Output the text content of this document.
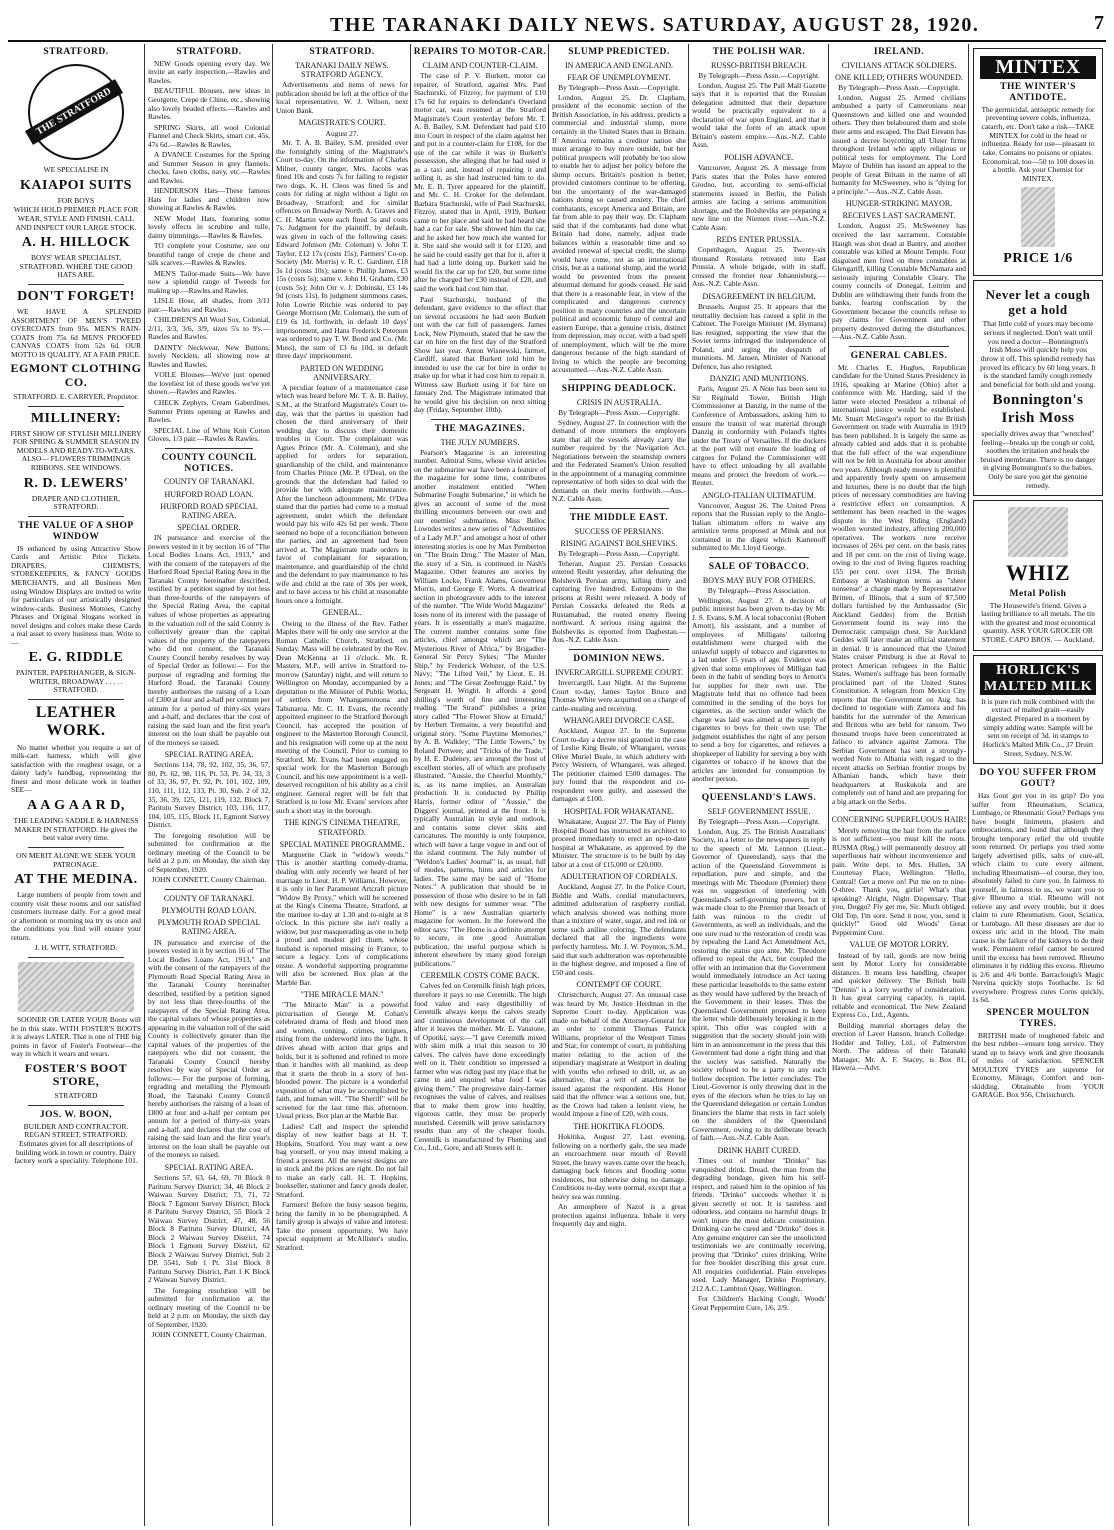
THE TARANAKI DAILY NEWS. SATURDAY, AUGUST 28, 1920.	7
STRATFORD.
THE STRATFORD KASH
WE SPECIALISE IN
KAIAPOI SUITS
FOR BOYS
WHICH HOLD PREMIER PLACE FOR WEAR, STYLE AND FINISH. CALL AND INSPECT OUR LARGE STOCK.
A. H. HILLOCK
BOYS' WEAR SPECIALIST, STRATFORD. WHERE THE GOOD HATS ARE.
DON'T FORGET!

WE HAVE A SPLENDID ASSORTMENT OF MEN'S TWEED OVERCOATS from 95s. MEN'S RAIN-COATS from 75s 6d MEN'S PROOFED CANVAS COATS from 52s 6d. OUR MOTTO IS QUALITY, AT A FAIR PRICE.

EGMONT CLOTHING CO.
STRATFORD. E. CARRYER, Proprietor.
MILLINERY:
FIRST SHOW OF STYLISH MILLINERY FOR SPRING & SUMMER SEASON IN MODELS AND READY-TO-WEARS. ALSO— FLOWERS TRIMMINGS RIBBONS. SEE WINDOWS.
R. D. LEWERS'
DRAPER AND CLOTHIER, STRATFORD.
THE VALUE OF A SHOP WINDOW

IS enhanced by using Attractive Show Cards and Artistic Price Tickets. DRAPERS, CHEMISTS, STOREKEEPERS, & FANCY GOODS MERCHANTS, and all Business Men using Window Displays are invited to write for particulars of our artistically designed window-cards. Business Mottoes, Catchy Phrases and Original Slogans worked in novel designs and colors make these Cards a real asset to every business man. Write to—

E. G. RIDDLE
PAINTER, PAPERHANGER, & SIGN-WRITER, BROADWAY . . . . . STRATFORD.
LEATHER WORK.

No matter whether you require a set of milk-cart harness, which will give satisfaction with the roughest usage, or a dainty lady's handbag, representing the finest and most delicate work in leather SEE—

A A G A A R D,
THE LEADING SADDLE & HARNESS MAKER IN STRATFORD. He gives the best value every time.
ON MERIT ALONE WE SEEK YOUR PATRONAGE.
AT THE MEDINA.

Large numbers of people from town and country visit these rooms and our satisfied customers increase daily. For a good meal or afternoon or morning tea try us once and the conditions you find will ensure your return.

J. H. WITT, STRATFORD.

SOONER OR LATER YOUR Boots will be in this state. WITH FOSTER'S BOOTS it is always LATER. That is one of THE big points in favor of Foster's Footwear—the way in which it wears and wears.

FOSTER'S BOOT STORE,
STRATFORD
JOS. W. BOON,
BUILDER AND CONTRACTOR. REGAN STREET, STRATFORD. Estimates given for all descriptions of building work in town or country. Dairy factory work a speciality. Telephone 101.
STRATFORD.

NEW Goods opening every day. We invite an early inspection.—Rawles and Rawles.

BEAUTIFUL Blouses, new ideas in Georgette, Crepe de Chine, etc., showing also lovely beaded effects.—Rawles and Rawles.

SPRING Skirts, all wool Colonial Flannel and Check Skirts, smart cut, 45s, 47s 6d.—Rawles & Rawles.

A DVANCE Costumes for the Spring and Summer Season in grey flannels, checks, fawn cloths, navy, etc.—Rawles and Rawles.

HENDERSON Hats—These famous Hats for ladies and children now showing at Rawles & Rawles.

NEW Model Hats, featuring some lovely effects in scrubine and tulle, dainty trimmings.—Rawles & Rawles.

TO complete your Costume, see our beautiful range of crepe de chene and silk scarves.—Rawles & Rawles.

MEN'S Tailor-made Suits—We have now a splendid range of Tweeds for making up.—Rawles and Rawles.

LISLE Hose, all shades, from 3/11 pair.—Rawles and Rawles.

CHILDREN'S All Wool Sox, Colonial, 2/11, 3/3, 3/6, 3/9, sizes 5's to 9's.—Rawles and Rawles.

DAINTY Neckwear, New Buttons, lovely Necklets, all showing now at Rawles and Rawles.

VOILE Blouses—We've just opened the loveliest lot of these goods we've yet shown.—Rawles and Rawles.

CHECK Zephyrs, Cream Gaberdines, Summer Prints opening at Rawles and Rawles.

SPECIAL Line of White Knit Cotton Gloves, 1/3 pair.—Rawles & Rawles.

COUNTY COUNCIL NOTICES.
COUNTY OF TARANAKI.
HURFORD ROAD LOAN.
HURFORD ROAD SPECIAL RATING AREA.
SPECIAL ORDER.

IN pursuance and exercise of the powers vested in it by section 16 of "The Local Bodies Loans Act, 1913," and with the consent of the ratepayers of the Hurford Road Special Rating Area in the Taranaki County hereinafter described, testified by a petition signed by not less than three-fourths of the ratepayers of the Special Rating Area, the capital values of whose properties as appearing in the valuation roll of the said County is collectively greater than the capital values of the property of the ratepayers who did not consent, the Taranaki County Council hereby resolves by way of Special Order as follows:— For the purpose of regrading and forming the Hurford Road, the Taranaki County hereby authorises the raising of a Loan of £300 at four and a-half per centum per annum for a period of thirty-six years and a-half, and declares that the cost of raising the said loan and the first year's interest on the loan shall be payable out of the moneys so raised.

SPECIAL RATING AREA.

Sections 114, 78, 92, 102, 35, 36, 57, 80, Pt. 62, 98, 116, Pt. 53, Pt. 34, 33, 3 of 33, 36, 97, Pt. 92, Pt. 101, 102, 109, 110, 111, 112, 133, Pt. 30, Sub. 2 of 32, 35, 36, 39, 125, 121, 119, 132, Block 7, Paritutu Survey District; 103, 116, 117, 104, 105, 115, Block 11, Egmont Survey District.

The foregoing resolution will be submitted for confirmation at the ordinary meeting of the Council to be held at 2 p.m. on Monday, the sixth day of September, 1920.

JOHN CONNETT, County Chairman.
COUNTY OF TARANAKI.
PLYMOUTH ROAD LOAN.
PLYMOUTH ROAD SPECIAL RATING AREA.

IN pursuance and exercise of the powers vested in it by section 16 of "The Local Bodies Loans Act, 1913," and with the consent of the ratepayers of the Plymouth Road Special Rating Area in the Taranaki County hereinafter described, testified by a petition signed by not less than three-fourths of the ratepayers of the Special Rating Area, the capital values of whose properties as appearing in the valuation roll of the said County is collectively greater than the capital values of the properties of the ratepayers who did not consent, the Taranaki County Council hereby resolves by way of Special Order as follows:— For the purpose of forming, regrading and metalling the Plymouth Road, the Taranaki County Council hereby authorises the raising of a loan of £800 at four and a-half per centum per annum for a period of thirty-six years and a-half, and declares that the cost of raising the said loan and the first year's interest on the loan shall be payable out of the moneys so raised.

SPECIAL RATING AREA.

Sections 57, 63, 64, 69, 70 Block 8 Paritutu Survey District; 34, 46 Block 2 Waiwau Survey District; 73, 71, 72 Block 7 Egmont Survey District; Block 8 Paritutu Survey District, 55 Block 2 Waiwau Survey District; 47, 48, 56 Block 8 Paritutu Survey District, 4A Block 2 Waiwau Survey District, 74 Block 1 Egmont Survey District, 62 Block 2 Waiwau Survey District, Sub 2 DP. 5541, Sub 1 Pt. 31st Block 8 Paritutu Survey District, Part 1 K Block 2 Waiwau Survey District.

The foregoing resolution will be submitted for confirmation at the ordinary meeting of the Council to be held at 2 p.m. on Monday, the sixth day of September, 1920.

JOHN CONNETT, County Chairman.
STRATFORD.
TARANAKI DAILY NEWS. STRATFORD AGENCY.

Advertisements and items of news for publication should be left at the office of the local representative, W. J. Wilson, next Union Bank.

MAGISTRATE'S COURT.
August 27.

Mr. T. A. B. Bailey, S.M. presided over the fortnightly sitting of the Magistrate's Court to-day. On the information of Charles Milner, county ranger, Mrs. Jacobs was fined 10s and costs 7s for failing to register two dogs. K. H. Cleos was fined 5s and costs for riding at night without a light on Broadway, Stratford; and for similar offences on Broadway North. A. Graves and C. H. Martin were each fined 5s and costs 7s. Judgment for the plaintiff, by default, was given in each of the following cases: Edward Johnson (Mr. Coleman) v. John T. Taylor, £12 17s (costs 15s); Farmers' Co-op. Society (Mr. Morris) v. R. C. Gardiner, £18 3s 1d (costs 10s); same v. Phillip James, £3 15s (costs 5s); same v. John H. Graham, £30 (costs 5s); John Orr v. J. Dobinski, £3 14s 9d (costs 11s). In judgment summons cases, John Lowrie Ritchie was ordered to pay George Morrison (Mr. Coleman), the sum of £19 6s 1d, forthwith, in default 10 days' imprisonment, and Hans Frederick Peterson was ordered to pay T. W. Bond and Co. (Mr. Moss), the sum of £3 6s 10d, in default three days' imprisonment.

PARTED ON WEDDING ANNIVERSARY.

A peculiar feature of a maintenance case which was heard before Mr. T. A. B. Bailey, S.M., at the Stratford Magistrate's Court to-day, was that the parties in question had chosen the third anniversary of their wedding day to discuss their domestic troubles in Court. The complainant was Agnes Prince (Mr. A. Coleman), and she applied for orders for separation, guardianship of the child, and maintenance from Charles Prince (Mr. P. O'Dea), on the grounds that the defendant had failed to provide her with adequate maintenance. After the luncheon adjournment, Mr. O'Dea stated that the parties had come to a mutual agreement, under which the defendant would pay his wife 42s 6d per week. There seemed no hope of a reconciliation between the parties, and an agreement had been arrived at. The Magistrate made orders in favor of complainant for separation, maintenance, and guardianship of the child and the defendant to pay maintenance to his wife and child at the rate of 30s per week, and to have access to his child at reasonable hours once a fortnight.

GENERAL.

Owing to the illness of the Rev. Father Maples there will be only one service at the Roman Catholic Church, Stratford, on Sunday. Mass will be celebrated by the Rev. Dean McKenna at 11 o'clock. Mr. R. Masters, M.P., will arrive in Stratford to-morrow (Saturday) night, and will return to Wellington on Monday, accompanied by a deputation to the Minister of Public Works, of settlers from Whangamomona and Tahunaroa. Mr. C. H. Evans, the recently appointed engineer to the Stratford Borough Council, has accepted the position of engineer to the Masterton Borough Council, and his resignation will come up at the next meeting of the Council. Prior to coming to Stratford, Mr. Evans had been engaged on special work for the Masterton Borough Council, and his new appointment is a well-deserved recognition of his ability as a civil engineer. General regret will be felt that Stratford is to lose Mr. Evans' services after such a short stay in the borough.

THE KING'S CINEMA THEATRE, STRATFORD.
SPECIAL MATINEE PROGRAMME.

Marguerite Clark in "widow's weeds." This is another startling comedy-drama, dealing with only recently we heard of her marriage to Lieut. H. P. Williams. However, it is only in her Paramount Artcraft picture "Widow By Proxy," which will be screened at the King's Cinema Theatre, Stratford, at the matinee to-day at 1.30 and to-night at 8 o'clock. In this picture she isn't really a widow, but just masquerading as one to help a proud and modest girl chum, whose husband is reported missing in France, to secure a legacy. Lots of complications ensue. A wonderful supporting programme will also be screened. Box plan at the Marble Bar.

"THE MIRACLE MAN."

"The Miracle Man" is a powerful picturisation of George M. Cohan's celebrated drama of flesh and blood men and women, cunning, crimes, intrigues, rising from the underworld into the light. It drives ahead with action that grips and holds, but it is softened and refined to more than it handles with all mankind, as deep that it starts the throb in a story of hot-blooded power. The picture is a wonderful exposition of what may be accomplished by faith, and human will. "The Sheriff" will be screened for the last time this afternoon. Usual prices. Box plan at the Marble Bar.

Ladies! Call and inspect the splendid display of new leather bags at H. T. Hopkins, Stratford. You may want a new bag yourself, or you may intend making a friend a present. All the newest designs are in stock and the prices are right. Do not fail to make an early call. H. T. Hopkins, bookseller, stationer and fancy goods dealer, Stratford.

Farmers! Before the busy season begins, bring the family in to be photographed. A family group is always of value and interest. Take the present opportunity. We have special equipment at McAllister's studio, Stratford.

REPAIRS TO MOTOR-CAR.
CLAIM AND COUNTER-CLAIM.

The case of P. V. Burkett, motor car repairer, of Stratford, against Mrs. Paul Stachurski, of Fitzroy, for payment of £10 17s 6d for repairs to defendant's Overland motor car, was resumed at the Stratford Magistrate's Court yesterday before Mr. T. A. B. Bailey, S.M. Defendant had paid £10 into Court in respect of the claim against her and put in a counter-claim for £108, for the use of the car while it was in Burkett's possession, she alleging that he had used it as a taxi and, instead of repairing it and selling it, as she had instructed him to do. Mr. E. B. Tyrer appeared for the plaintiff, and Mr. C. H. Croker for the defendant. Barbara Stachurski, wife of Paul Stachurski, Fitzroy, stated that in April, 1919, Burkett came to her place and said he had heard she had a car for sale. She showed him the car, and he asked her how much she wanted for it. She said she would sell it for £120, and he said he could easily get that for it, after it had had a little doing up. Burkett said he would fix the car up for £20, but some time after he charged her £30 instead of £20, and said the work had cost him that.

Paul Stachurski, husband of the defendant, gave evidence to the effect that on several occasions he had seen Burkett out with the car full of passengers. James Lock, New Plymouth, stated that he saw the car on hire on the first day of the Stratford Show last year. Anton Wisnewski, farmer, Cardiff, stated that Burkett told him he intended to use the car for hire in order to make up for what it had cost him to repair it. Witness saw Burkett using it for hire on January 2nd. The Magistrate intimated that he would give his decision on next sitting day (Friday, September 10th).

THE MAGAZINES.
THE JULY NUMBERS.

Pearson's Magazine is an interesting number. Admiral Sims, whose vivid articles on the submarine war have been a feature of the magazine for some time, contributes another instalment entitled "When Submarine Fought Submarine," in which he gives an account of some of the most thrilling encounters between our own and our enemies' submarines. Miss Belloc Lowndes writes a new series of "Adventures of a Lady M.P." and amongst a host of other interesting stories is one by Max Pemberton on "The Brain Drug." The Master of Man, the story of a Sin, is continued in Nash's Magazine. Other features are stories by William Locke, Frank Adams, Gouverneur Morris, and George F. Worts. A theatrical section in photogravure adds to the interest of the number. "The Wide World Magazine" loses none of its interest with the passage of years. It is essentially a man's magazine. The current number contains some fine articles, chief amongst which are "The Mysterious River of Africa," by Brigadier-General Sir Percy Sykes; "The Murder Ship," by Frederick Webster, of the U.S. Navy; "The Lifted Veil," by Lieut. E. H. Jones; and "The Great Zeebrugge Raid," by Sergeant H. Wright. It affords a good shilling's worth of fine and interesting reading. "The Strand" publishes a prize story called "The Flower Show at Ernald," by Herbert Tremaine, a very beautiful and original story. "Some Playtime Memories," by A. B. Walkley; "The Little Towers," by Roland Pertwee; and "Tricks of the Trade," by H. E. Dudeney, are amongst the host of excellent stories, all of which are profusely illustrated. "Aussie, the Cheerful Monthly," is, as its name implies, an Australian production. It is conducted by Phillip Harris, former editor of "Aussie," the Diggers' journal, printed at the front. It is typically Australian in style and outlook, and contains some clever skits and caricatures. The monthly is only fourpence, which will have a large vogue in and out of the island continent. The July number of "Weldon's Ladies' Journal" is, as usual, full of modes, patterns, hints and articles for ladies. The same may be said of "Home Notes." A publication that should be in possession of those who desire to be in fall with new designs for summer wear. "The Home" is a new Australian quarterly magazine for women. In the foreword the editor says: "The Home is a definite attempt to secure, in one good Australian publication, the useful purpose which is inherent elsewhere by many good foreign publications."

CEREMILK COSTS COME BACK.

Calves fed on Ceremilk finish high prices, therefore it pays to use Ceremilk. The high food value and easy digestibility of Ceremilk always keeps the calves steady and continuous development of the calf after it leaves the mother. Mr. E. Vanstone, of Opotiki, says:—"I gave Ceremilk mixed with skim milk a trial this season to 30 calves. The calves have done exceedingly well on it. Their condition so impressed a farmer who was riding past my place that he came in and enquired what food I was giving them." The progressive dairy-farmer recognises the value of calves, and realises that to make them grow into healthy, vigorous cattle, they must be properly nourished. Ceremilk will prove satisfactory results than any of the cheaper foods. Ceremilk is manufactured by Fleming and Co., Ltd., Gore, and all Stores sell it.

SLUMP PREDICTED.
IN AMERICA AND ENGLAND.
FEAR OF UNEMPLOYMENT.
By Telegraph—Press Assn.—Copyright.

London, August 25. Dr. Clapham, president of the economic section of the British Association, in his address, predicts a commercial and industrial slump, more certainly in the United States than in Britain. If America remains a creditor nation she must arrange to buy more outside, but her political prospects will probably be too slow to enable her to adjust her policy before the slump occurs. Britain's position is better, provided customers continue to be offering, but the uncertainty of the war-damaged nations doing so caused anxiety. The chief combatants, except America and Britain, are far from able to pay their way. Dr. Clapham said that if the combatants had done what Britain had done, namely, adjust trade balances within a reasonable time and so avoided renewal of special credit, the slump would have come, not as an international crisis, but as a national slump, and the world would be prevented from the present abnormal demand for goods ceased. He said that there is a reasonable fear, in view of the complicated and dangerous currency position in many countries and the uncertain political and economic future of central and eastern Europe, that a genuine crisis, distinct from depression, may occur, with a bad spell of unemployment, which will be the more dangerous because of the high standard of living to which the people are becoming accustomed.—Aus.-N.Z. Cable Assn.

SHIPPING DEADLOCK.
CRISIS IN AUSTRALIA.
By Telegraph—Press Assn.—Copyright.

Sydney, August 27. In connection with the demand of more trimmers the employers state that all the vessels already carry the number required by the Navigation Act. Negotiations between the steamship owners and the Federated Seamen's Union resulted in the appointment of a managing committee representative of both sides to deal with the demands on their merits forthwith.—Aus.-N.Z. Cable Assn.

THE MIDDLE EAST.
SUCCESS OF PERSIANS.
RISING AGAINST BOLSHEVIKS.
By Telegraph—Press Assn.—Copyright.

Teheran, August 25. Persian Cossacks entered Resht yesterday, after defeating the Bolshevik Persian army, killing thirty and capturing five hundred. Europeans in the prisons at Resht were released. A body of Persian Cossacks defeated the Reds at Rustamabad, the routed enemy fleeing northward. A serious rising against the Bolsheviks is reported from Daghestan.—Aus.-N.Z. Cable Assn.

DOMINION NEWS.
INVERCARGILL SUPREME COURT.

Invercargill, Last Night. At the Supreme Court to-day, James Taylor Bruce and Thomas White were acquitted on a charge of cattle-stealing and receiving.

WHANGAREI DIVORCE CASE.

Auckland, August 27. In the Supreme Court to-day a decree nisi granted in the case of Leslie King Beale, of Whangarei, versus Olive Muriel Beale, in which adultery with Percy Western, of Whangarei, was alleged. The petitioner claimed £500 damages. The jury found that the respondent and co-respondent were guilty, and assessed the damages at £100.

HOSPITAL FOR WHAKATANE.

Whakatane, August 27. The Bay of Plenty Hospital Board has instructed its architect to proceed immediately to erect an up-to-date hospital at Whakatane, as approved by the Minister. The structure is to be built by day labor at a cost of £15,000 or £20,000.

ADULTERATION OF CORDIALS.

Auckland, August 27. In the Police Court, Biddle and Walls, cordial manufacturers, admitted adulteration of raspberry cordial, which analysis showed was nothing more than a mixture of water, sugar, and red ink or some such aniline coloring. The defendants declared that all the ingredients were perfectly harmless. Mr. J. W. Poynton, S.M., said that such adulteration was reprehensible in the highest degree, and imposed a fine of £50 and costs.

CONTEMPT OF COURT.

Christchurch, August 27. An unusual case was heard by Mr. Justice Herdman in the Supreme Court to-day. Application was made on behalf of the Attorney-General for an order to commit Thomas Patrick Williams, proprietor of the Westport Times and Star, for contempt of court, in publishing matter relating to the action of the stipendiary magistrate at Westport in dealing with youths who refused to drill, or, as an alternative, that a writ of attachment be issued against the respondent. His Honor said that the offence was a serious one, but, as the Crown had taken a lenient view, he would impose a fine of £20, with costs.

THE HOKITIKA FLOODS.

Hokitika, August 27. Last evening, following on a northerly gale, the sea made an encroachment near mouth of Revell Street, the heavy waves came over the beach, damaging back fences and flooding some residences, but otherwise doing no damage. Conditions to-day were normal, except that a heavy sea was running.

An atmosphere of Nazol is a great protection against influenza. Inhale it very frequently day and night.

THE POLISH WAR.
RUSSO-BRITISH BREACH.
By Telegraph—Press Assn.—Copyright.

London, August 25. The Pall Mall Gazette says that it is reported that the Russian delegation admitted that their departure would be practically equivalent to a declaration of war upon England, and that it would take the form of an attack upon Britain's eastern empire.—Aus.-N.Z. Cable Assn.

POLISH ADVANCE.

Vancouver, August 26. A message from Paris states that the Poles have entered Grodno, but, according to semi-official statements issued in Berlin, the Polish armies are facing a serious ammunition shortage, and the Bolsheviks are preparing a new line on the Niemen river.—Aus.-N.Z. Cable Assn.

REDS ENTER PRUSSIA.

Copenhagen, August 25. Twenty-six thousand Russians retreated into East Prussia. A whole brigade, with its staff, crossed the frontier near Johannisburg.—Aus.-N.Z. Cable Assn.

DISAGREEMENT IN BELGIUM.

Brussels, August 25. It appears that the neutrality decision has caused a split in the Cabinet. The Foreign Minister (M. Hymans) has resigned, supporting the view that the Soviet terms infringed the independence of Poland, and urging the despatch of munitions. M. Jansen, Minister of National Defence, has also resigned.

DANZIG AND MUNITIONS.

Paris, August 25. A Note has been sent to Sir Reginald Tower, British High Commissioner at Danzig, in the name of the Conference of Ambassadors, asking him to ensure the transit of war material through Danzig in conformity with Poland's rights under the Treaty of Versailles. If the dockers at the port will not ensure the loading of cargoes for Poland the Commissioner will have to effect unloading by all available means and protect the freedom of work.—Reuter.

ANGLO-ITALIAN ULTIMATUM.

Vancouver, August 26. The United Press reports that the Russian reply to the Anglo-Italian ultimatum offers to waive any armistice terms proposed at Minsk and not contained in the digest which Kamenoff submitted to Mr. Lloyd George.

SALE OF TOBACCO.
BOYS MAY BUY FOR OTHERS.
By Telegraph—Press Association.

Wellington, August 27. A decision of public interest has been given to-day by Mr. J. S. Evans, S.M. A local tobacconist (Robert Arnott), his assistant, and a number of employees of Milligans' tailoring establishment were charged with the unlawful supply of tobacco and cigarettes to a lad under 15 years of age. Evidence was given that some employees of Milligan had been in the habit of sending boys to Arnott's for supplies for their own use. The Magistrate held that no offence had been committed in the sending of the boys for cigarettes, as the section under which the charge was laid was aimed at the supply of cigarettes to boys for their own use. The judgment establishes the right of any person to send a boy for cigarettes, and relieves a shopkeeper of liability for serving a boy with cigarettes or tobacco if he knows that the articles are intended for consumption by another person.

QUEENSLAND'S LAWS.
SELF GOVERNMENT ISSUE.
By Telegraph—Press Assn.—Copyright.

London, Aug. 25. The British Australians' Society, in a letter to the newspapers in reply to the speech of Mr. Lennon (Lieut.-Governor of Queensland), says that the action of the Queensland Government is repudiation, pure and simple, and the meetings with Mr. Theodore (Premier) there was no suggestion of interfering with Queensland's self-governing powers, but it was made clear to the Premier that breach of faith was ruinous to the credit of Governments, as well as individuals, and the one sure road to the restoration of credit was by repealing the Land Act Amendment Act, restoring the status quo ante. Mr. Theodore offered to repeal the Act, but coupled the offer with an intimation that the Government would immediately introduce an Act taxing these particular leaseholds to the same extent as they would have suffered by the breach of the Government in their leases. Thus the Queensland Government proposed to keep the letter while deliberately breaking it in the spirit. This offer was coupled with a suggestion that the society should join with him in an announcement in the press that this Government had done a right thing and that the society was satisfied. Naturally the society refused to be a party to any such hollow deception. The letter concludes: The Lieut.-Governor is only throwing dust in the eyes of the electors when he tries to lay on the Queensland delegation or certain London financiers the blame that rests in fact solely on the shoulders of the Queensland Government, owing to its deliberate breach of faith.—Aus.-N.Z. Cable Assn.

DRINK HABIT CURED.

Times out of number "Drinko" has vanquished drink. Dread, the man from the degrading bondage, given him his self-respect, and raised him in the opinion of his friends. "Drinko" succeeds whether it is given secretly or not. It is tasteless and odourless, and contains no harmful drugs. It won't injure the most delicate constitution. Drinking can be cured and "Drinko" does it. Any genuine enquirer can see the unsolicited testimonials we are continually receiving, proving that "Drinko" cures drinking. Write for free booklet describing this great cure. All enquiries confidential. Plain envelopes used. Lady Manager, Drinko Proprietary, 212 A.C. Lambton Quay, Wellington.

For Children's Hacking Cough, Woods' Great Peppermint Cure, 1/6, 2/9.

IRELAND.
CIVILIANS ATTACK SOLDIERS.
ONE KILLED; OTHERS WOUNDED.
By Telegraph—Press Assn.—Copyright.

London, August 25. Armed civilians ambushed a party of Cameronians near Queenstown and killed one and wounded others. They then belaboured them and stole their arms and escaped. The Dail Eireann has issued a decree boycotting all Ulster firms throughout Ireland who apply religious or political tests for employment. The Lord Mayor of Dublin has issued an appeal to the people of Great Britain in the name of all humanity for McSweeney, who is "dying for a principle."—Aus.-N.Z. Cable Assn.

HUNGER-STRIKING MAYOR.
RECEIVES LAST SACRAMENT.

London, August 25. McSweeney has received the last sacrament. Constable Haugh was shot dead at Bantry, and another constable was killed at Mount Temple. Four disguised men fired on three constables at Glengariff, killing Constable McNamara and seriously injuring Constable Cleary. The county councils of Donegal, Leitrim and Dublin are withdrawing their funds from the banks, fearing confiscation by the Government because the councils refuse to pay claims for Government and other property destroyed during the disturbances.—Aus.-N.Z. Cable Assn.

GENERAL CABLES.

Mr. Charles E. Hughes, Republican candidate for the United States Presidency in 1916, speaking at Marine (Ohio) after a conference with Mr. Harding, said if the latter were elected President a tribunal of international justice would be established. Mr. Stuart McGregor's report to the British Government on trade with Australia in 1919 has been published. It is largely the same as already cabled and adds that it is probable that the full effect of the war expenditure will not be felt in Australia for about another two years. Although ready money is plentiful and apparently freely spent on amusement and luxuries, there is no doubt that the high prices of necessary commodities are having a restrictive effect on consumption. A settlement has been reached in the wages dispute in the West Riding (England) woollen worsted industry, affecting 200,000 operatives. The workers now receive increases of 26¼ per cent. on the basis rates and 18 per cent. on the cost of living wage, owing to the cost of living figures reaching 155 per cent. over 1194. The British Embassy at Washington terms as "sheer nonsense" a charge made by Representative Britten, of Illinois, that a sum of $7,500 dollars furnished by the Ambassador (Sir Auckland Geddes) from the British Government found its way into the Democratic campaign chest. Sir Auckland Geddes will later make an official statement in denial. It is announced that the United States cruiser Pittsburg is due at Reval to protect American refugees in the Baltic States. Women's suffrage has been formally proclaimed part of the United States Constitution. A telegram from Mexico City reports that the Government on Aug. has declined to negotiate with Zamora and his bandits for the surrender of the American and Britons who are held for ransom. Two thousand troops have been concentrated at Jalisco to advance against Zamora. The Serbian Government has sent a strongly-worded Note to Albania with regard to the recent attacks on Serbian frontier troops by Albanian bands, which have their headquarters at Ruskukola and are completely out of hand and are preparing for a big attack on the Serbs.

CONCERNING SUPERFLUOUS HAIR!

Merely removing the hair from the surface is not sufficient—you must kill the roots. RUSMA (Reg.) will permanently destroy all superfluous hair without inconvenience and pain. Write dept. to Mrs. Hullen, 3A Courtenay Place, Wellington. "Hello, Central! Get a move on! Put me on to nine-O-three. Thank you, girlie! What's that speaking? Alright, Night Dispensary. That you, Doggo? Fly get me, Sir. Much obliged. Old Top, I'm sore. Send it now, you, send it quickly!" Good old Woods' Great Peppermint Cure.

VALUE OF MOTOR LORRY.

Instead of by rail, goods are now being sent by Motor Lorry for considerable distances. It means less handling, cheaper and quicker delivery. The British built "Dennis" is a lorry worthy of consideration. It has great carrying capacity, is rapid, reliable and economical. The New Zealand Express Co., Ltd., Agents.

Building material shortages delay the erection of Laver Hanson, branch Colledge. Hodder and Tolley, Ltd., of Palmerston North. The address of their Taranaki Manager, Mr. A. F. Stacey, is Box 81, Hawera.—Advt.

MINTEX
THE WINTER'S ANTIDOTE.
The germicidal, antiseptic remedy for preventing severe colds, influenza, catarrh, etc. Don't take a risk—TAKE MINTEX for cold in the head or influenza. Ready for use—pleasant to take. Contains no poisons or opiates. Economical, too—50 to 100 doses in a bottle. Ask your Chemist for MINTEX.
PRICE 1/6
Never let a cough get a hold
That little cold of yours may become serious if neglected. Don't wait until you need a doctor—Bonnington's Irish Moss will quickly help you throw it off. This splendid remedy has proved its efficacy by 60 long years. It is the standard family cough remedy and beneficial for both old and young.
Bonnington's Irish Moss
specially drives away that "wretched" feeling—breaks up the cough or cold, soothes the irritation and heals the bruised membrane. There is no danger in giving Bonnington's to the babies. Only be sure you get the genuine remedy.
WHIZ
Metal Polish
The Housewife's friend. Gives a lasting brilliance to all metals. The tin with the greatest and most economical quantity. ASK YOUR GROCER OR STORE. CAPO BROS. — Auckland.
HORLICK'S MALTED MILK
It is pure rich milk combined with the extract of malted grain—easily digested. Prepared in a moment by simply adding water. Sample will be sent on receipt of 3d. in stamps to Horlick's Malted Milk Co., 37 Druitt Street, Sydney, N.S.W.
DO YOU SUFFER FROM GOUT?

Has Gout got you in its grip? Do you suffer from Rheumatism, Sciatica, Lumbago, or Rheumatic Gout? Perhaps you have bought liniments, plasters and embrocations, and found that although they brought temporary relief the old trouble soon returned. Or perhaps you tried some largely advertised pills, salts or cure-all, which claim to cure every ailment, including Rheumatism—of course, they too, absolutely failed to cure you. In fairness to yourself, in fairness to us, we want you to give Rheumo a trial. Rheumo will not relieve any and every trouble, but it does claim to cure Rheumatism, Gout, Sciatica, or Lumbago. All these diseases are due to excess uric acid in the blood. The main cause is the failure of the kidneys to do their work. Permanent relief cannot be secured until the excess has been removed. Rheumo eliminates it by ridding this excess. Rheumo is 2/6 and 4/6 bottle. Barraclough's Magic Nervina quickly stops Toothache. 1s 6d everywhere. Progress cures Corns quickly, 1s 6d.

SPENCER MOULTON TYRES.

BRITISH made of toughened fabric and the best rubber—ensure long service. They stand up to heavy work and give thousands of miles of satisfaction. SPENCER MOULTON TYRES are supreme for Economy, Mileage, Comfort and non-skidding. Obtainable from YOUR GARAGE. Box 956, Christchurch.
